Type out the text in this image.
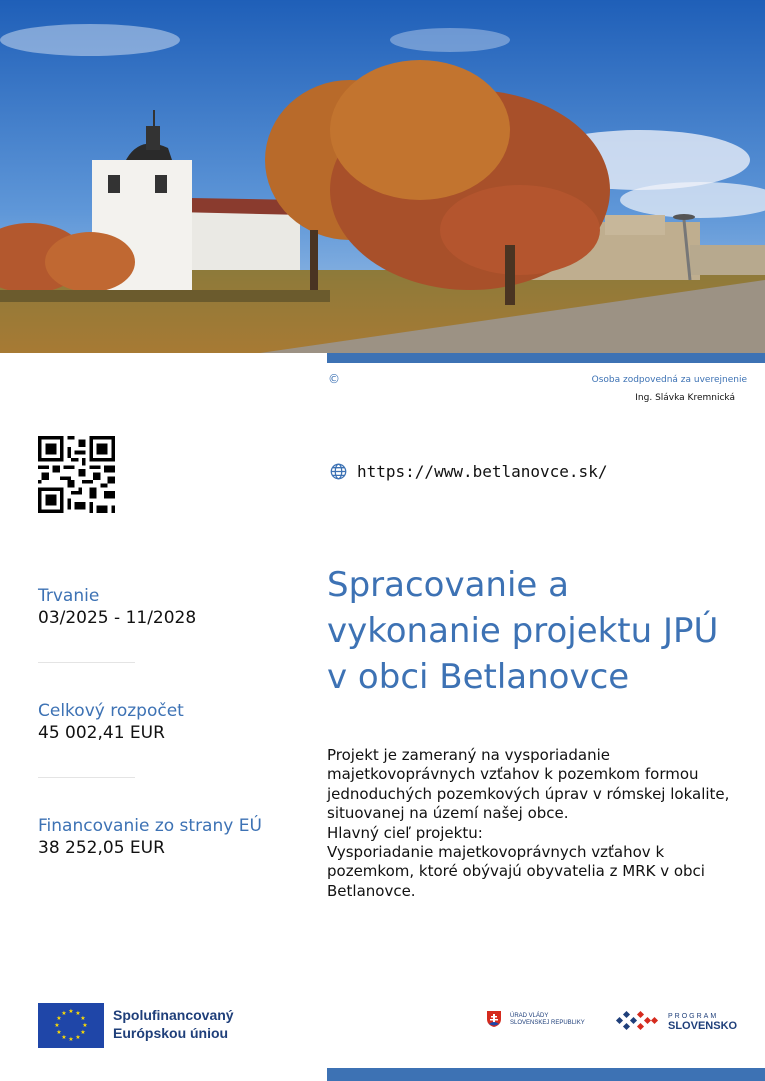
©	Osoba zodpovedná za uverejnenie
Ing. Slávka Kremnická
https://www.betlanovce.sk/
Trvanie
03/2025 - 11/2028
Celkový rozpočet
45 002,41 EUR
Financovanie zo strany EÚ
38 252,05 EUR
Spracovanie a vykonanie projektu JPÚ v obci Betlanovce

Projekt je zameraný na vysporiadanie majetkovoprávnych vzťahov k pozemkom formou jednoduchých pozemkových úprav v rómskej lokalite, situovanej na území našej obce.

Hlavný cieľ projektu:

Vysporiadanie majetkovoprávnych vzťahov k pozemkom, ktoré obývajú obyvatelia z MRK v obci Betlanovce.

★ ★
★
★
★
★
★
★
★
★
★
★	Spolufinancovaný
Európskou úniou
ÚRAD VLÁDY
SLOVENSKEJ REPUBLIKY
PROGRAM
SLOVENSKO
